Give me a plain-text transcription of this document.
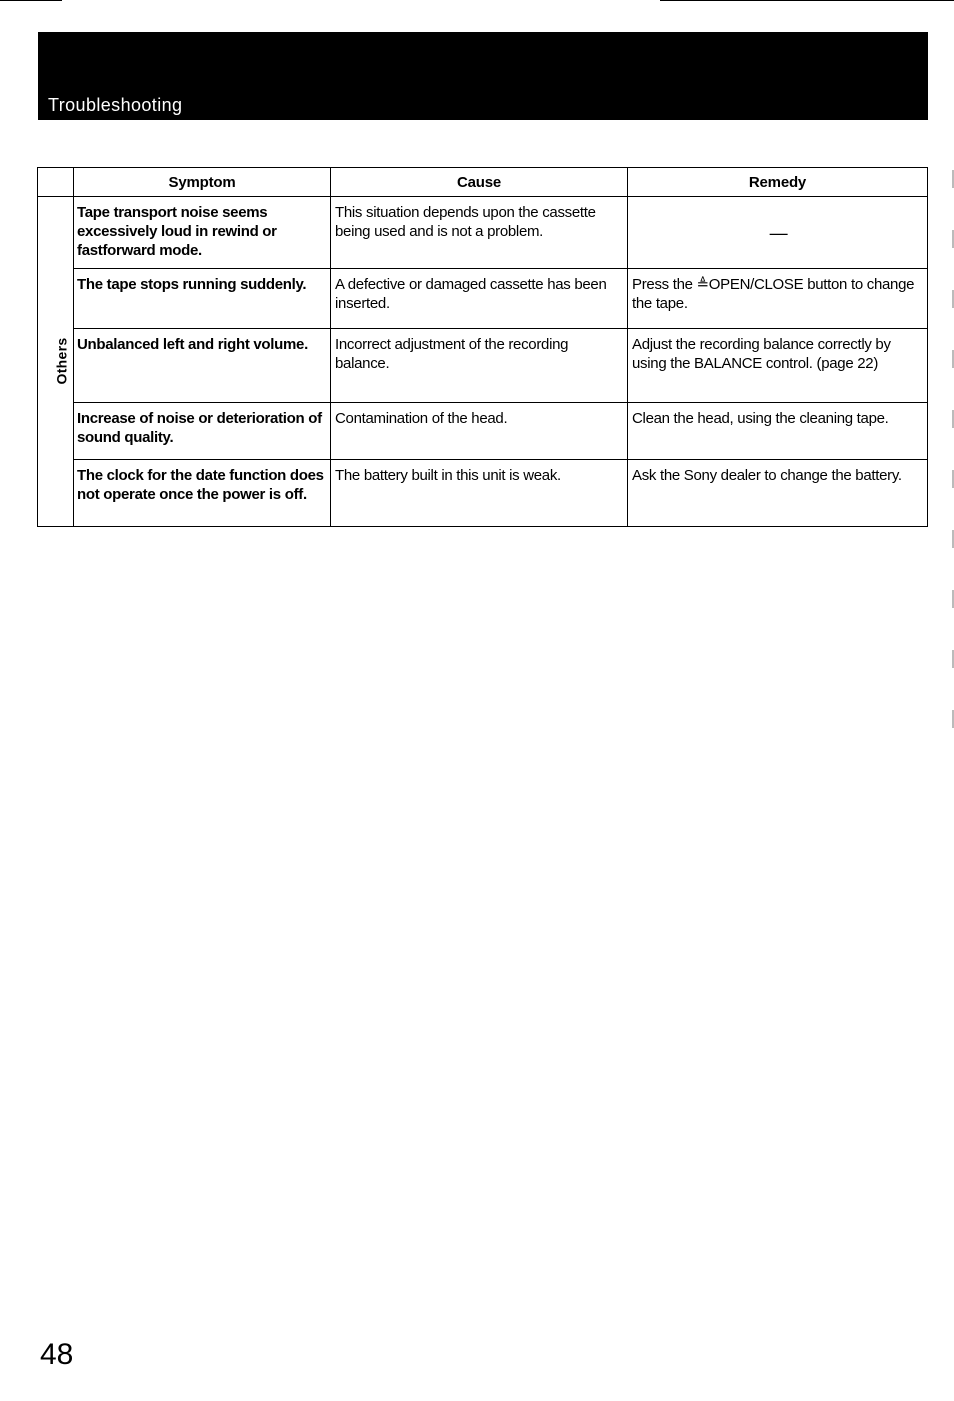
Troubleshooting
	Symptom	Cause	Remedy
Others	Tape transport noise seems excessively loud in rewind or fastforward mode.	This situation depends upon the cassette being used and is not a problem.	—
	The tape stops running suddenly.	A defective or damaged cassette has been inserted.	Press the ≜OPEN/CLOSE button to change the tape.
	Unbalanced left and right volume.	Incorrect adjustment of the recording balance.	Adjust the recording balance correctly by using the BALANCE control. (page 22)
	Increase of noise or deterioration of sound quality.	Contamination of the head.	Clean the head, using the cleaning tape.
	The clock for the date function does not operate once the power is off.	The battery built in this unit is weak.	Ask the Sony dealer to change the battery.
48
